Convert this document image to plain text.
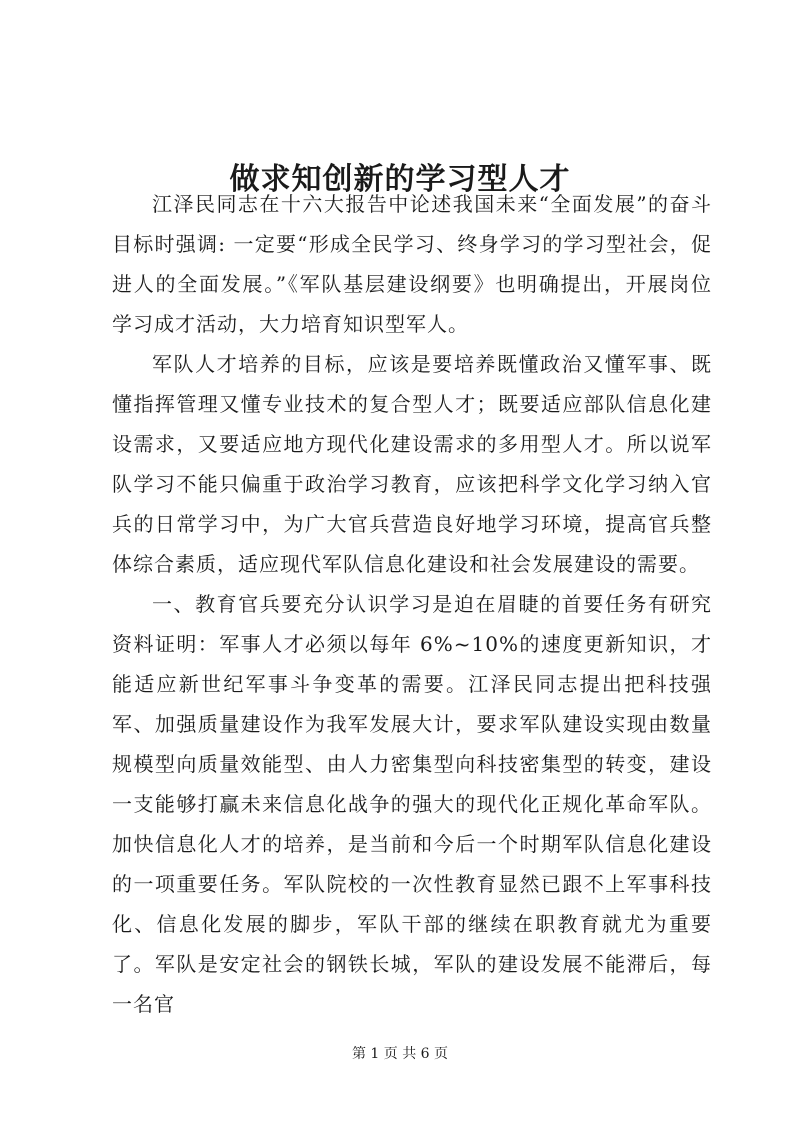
做求知创新的学习型人才

江泽民同志在十六大报告中论述我国未来“全面发展”的奋斗目标时强调: 一定要“形成全民学习、终身学习的学习型社会，促进人的全面发展。”《军队基层建设纲要》也明确提出，开展岗位学习成才活动，大力培育知识型军人。

军队人才培养的目标，应该是要培养既懂政治又懂军事、既懂指挥管理又懂专业技术的复合型人才；既要适应部队信息化建设需求，又要适应地方现代化建设需求的多用型人才。所以说军队学习不能只偏重于政治学习教育，应该把科学文化学习纳入官兵的日常学习中，为广大官兵营造良好地学习环境，提高官兵整体综合素质，适应现代军队信息化建设和社会发展建设的需要。

一、教育官兵要充分认识学习是迫在眉睫的首要任务有研究资料证明：军事人才必须以每年 6%~10%的速度更新知识，才能适应新世纪军事斗争变革的需要。江泽民同志提出把科技强军、加强质量建设作为我军发展大计，要求军队建设实现由数量规模型向质量效能型、由人力密集型向科技密集型的转变，建设一支能够打赢未来信息化战争的强大的现代化正规化革命军队。加快信息化人才的培养，是当前和今后一个时期军队信息化建设的一项重要任务。军队院校的一次性教育显然已跟不上军事科技化、信息化发展的脚步，军队干部的继续在职教育就尤为重要了。军队是安定社会的钢铁长城，军队的建设发展不能滞后，每一名官

第 1 页 共 6 页
